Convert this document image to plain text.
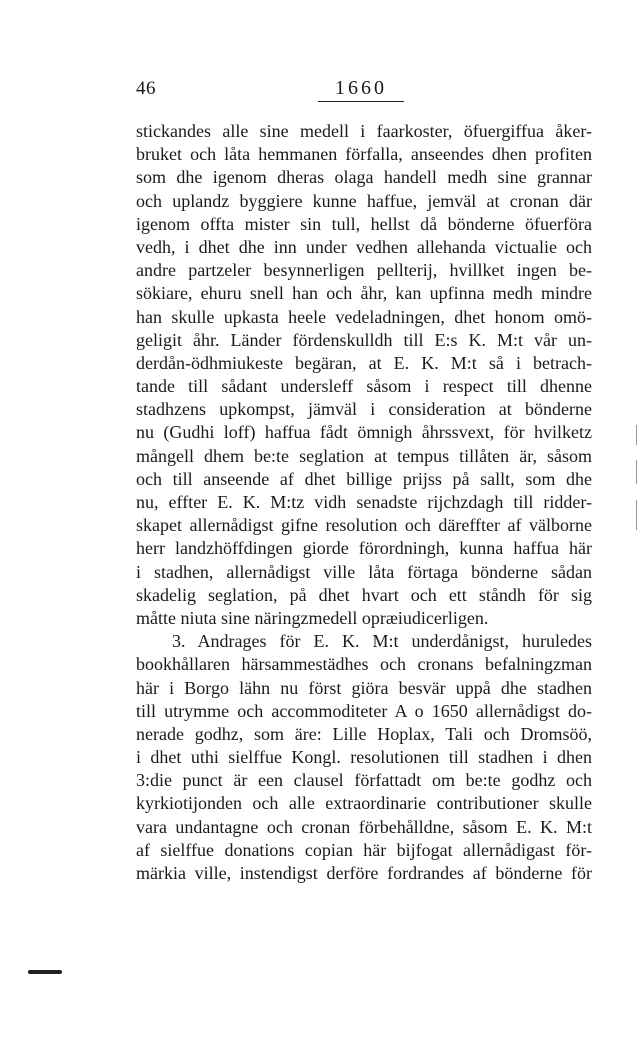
46	1660
stickandes alle sine medell i faarkoster, öfuergiffua åker-
bruket och låta hemmanen förfalla, anseendes dhen profiten
som dhe igenom dheras olaga handell medh sine grannar
och uplandz byggiere kunne haffue, jemväl at cronan där
igenom offta mister sin tull, hellst då bönderne öfuerföra
vedh, i dhet dhe inn under vedhen allehanda victualie och
andre partzeler besynnerligen pellterij, hvillket ingen be-
sökiare, ehuru snell han och åhr, kan upfinna medh mindre
han skulle upkasta heele vedeladningen, dhet honom omö-
geligit åhr. Länder fördenskulldh till E:s K. M:t vår un-
derdån-ödhmiukeste begäran, at E. K. M:t så i betrach-
tande till sådant undersleff såsom i respect till dhenne
stadhzens upkompst, jämväl i consideration at bönderne
nu (Gudhi loff) haffua fådt ömnigh åhrssvext, för hvilketz
mångell dhem be:te seglation at tempus tillåten är, såsom
och till anseende af dhet billige prijss på sallt, som dhe
nu, effter E. K. M:tz vidh senadste rijchzdagh till ridder-
skapet allernådigst gifne resolution och däreffter af välborne
herr landzhöffdingen giorde förordningh, kunna haffua här
i stadhen, allernådigst ville låta förtaga bönderne sådan
skadelig seglation, på dhet hvart och ett ståndh för sig
måtte niuta sine näringzmedell opræiudicerligen.
3. Andrages för E. K. M:t underdånigst, huruledes
bookhållaren härsammestädhes och cronans befalningzman
här i Borgo lähn nu först giöra besvär uppå dhe stadhen
till utrymme och accommoditeter A o 1650 allernådigst do-
nerade godhz, som äre: Lille Hoplax, Tali och Dromsöö,
i dhet uthi sielffue Kongl. resolutionen till stadhen i dhen
3:die punct är een clausel författadt om be:te godhz och
kyrkiotijonden och alle extraordinarie contributioner skulle
vara undantagne och cronan förbehålldne, såsom E. K. M:t
af sielffue donations copian här bijfogat allernådigast för-
märkia ville, instendigst derföre fordrandes af bönderne för
